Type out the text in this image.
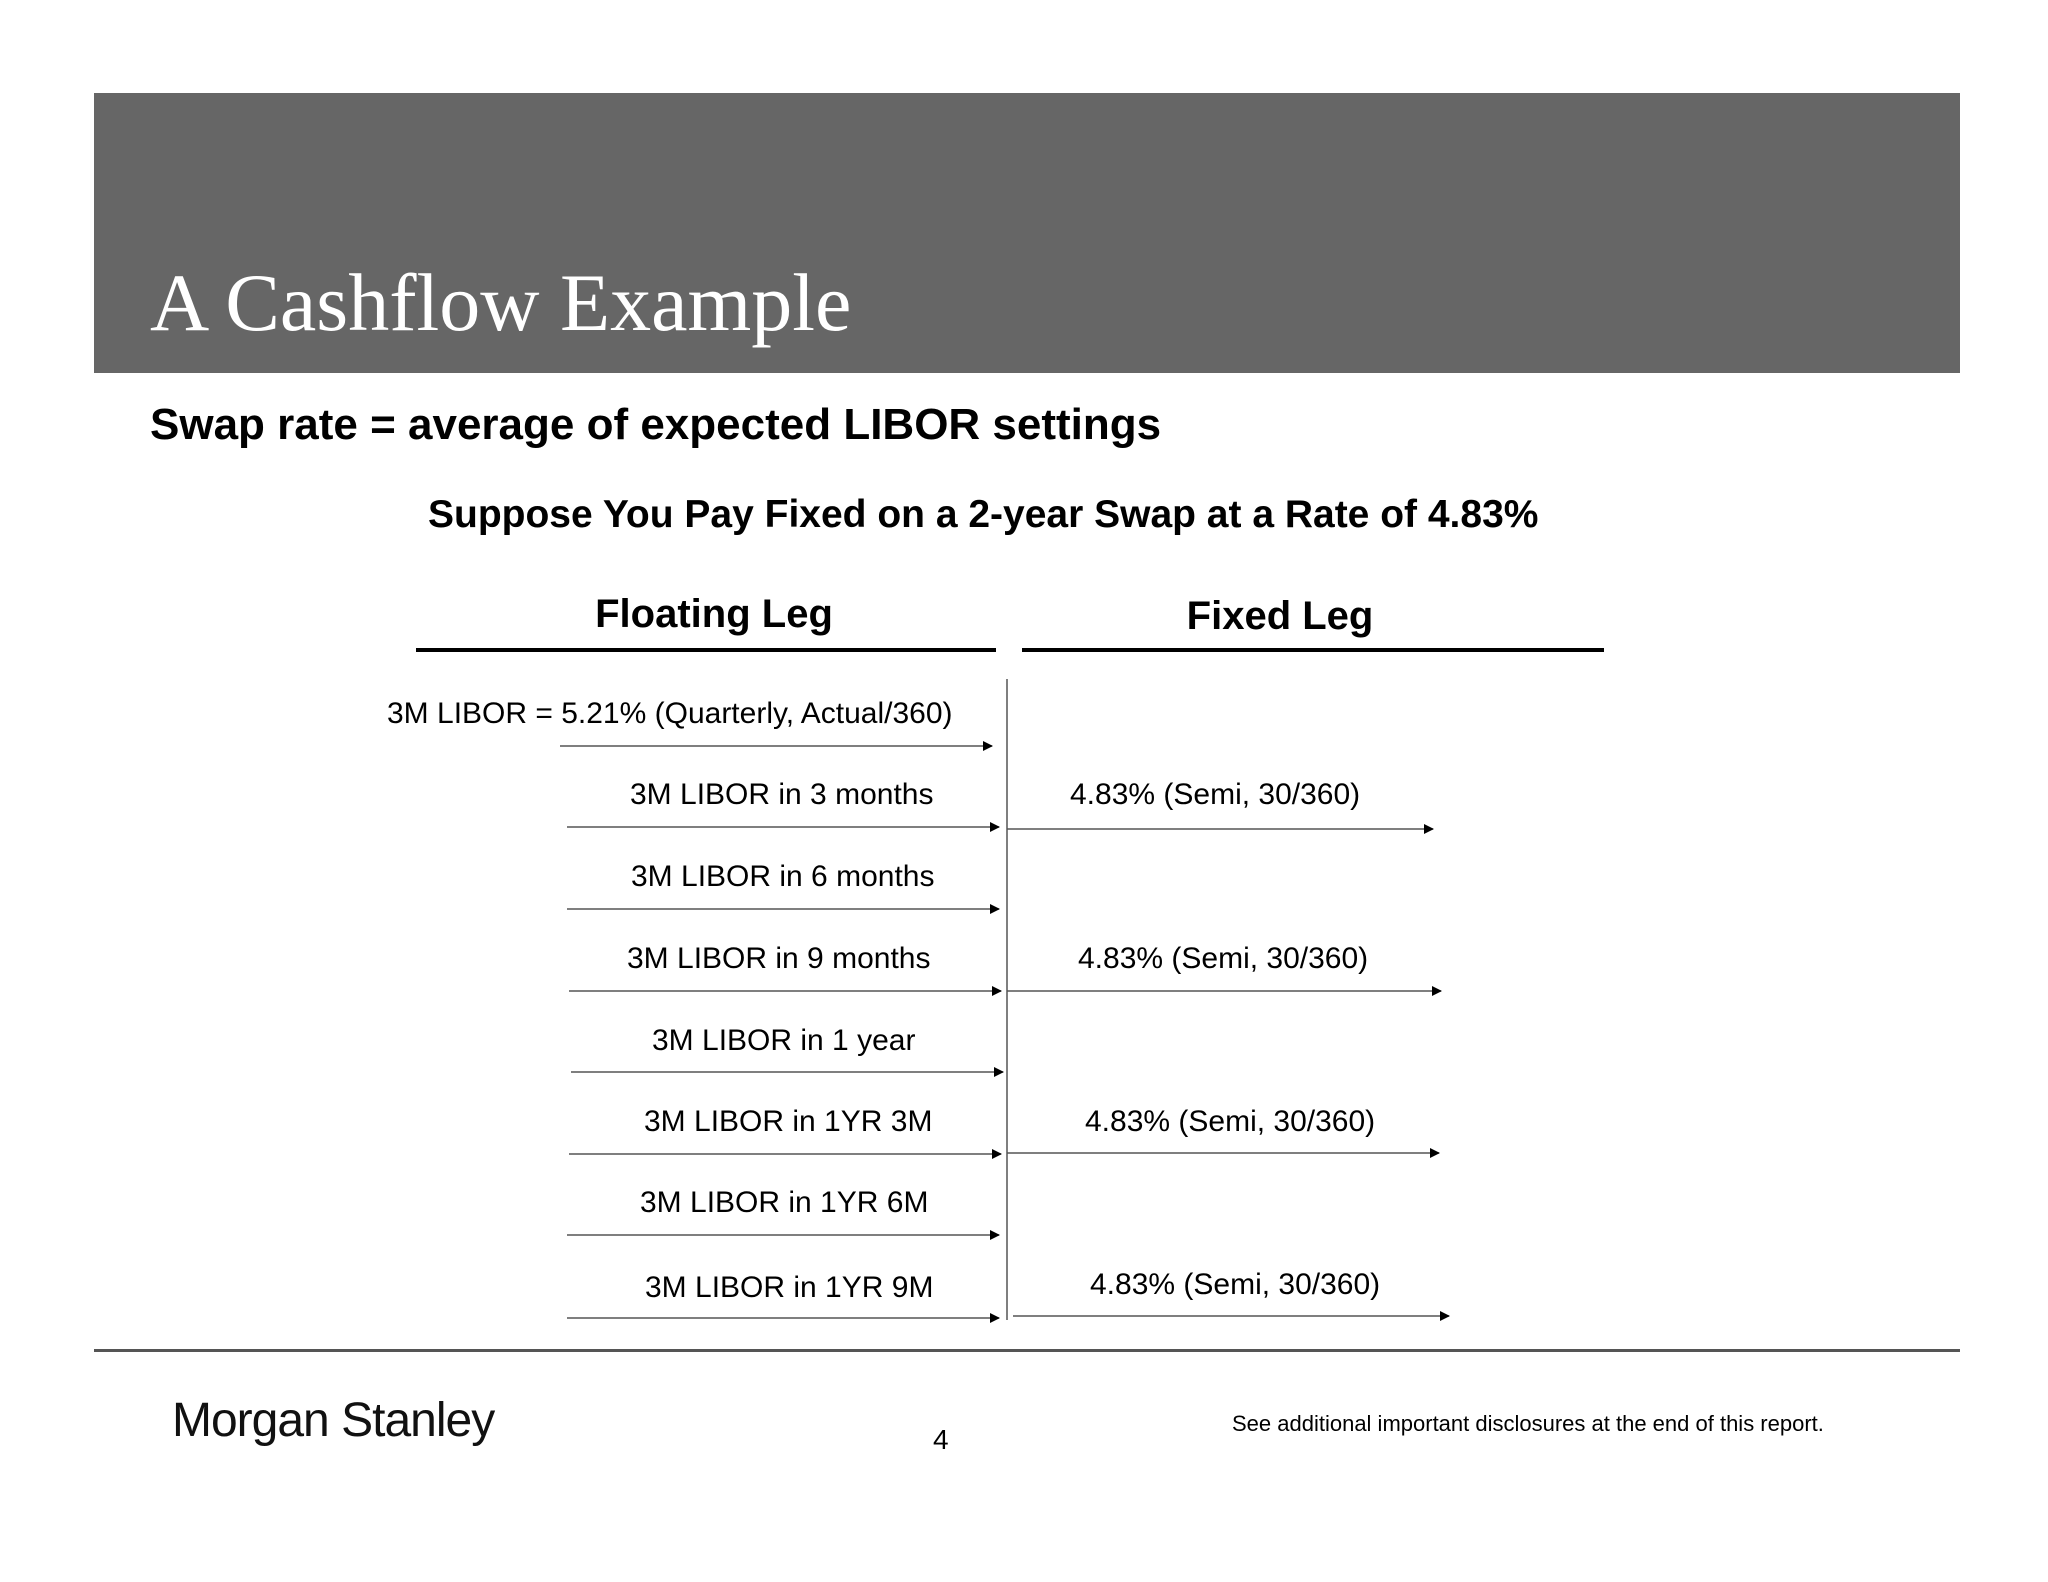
A Cashflow Example
Swap rate = average of expected LIBOR settings
Suppose You Pay Fixed on a 2-year Swap at a Rate of 4.83%
Floating Leg	Fixed Leg
3M LIBOR = 5.21% (Quarterly, Actual/360)
3M LIBOR in 3 months
3M LIBOR in 6 months
3M LIBOR in 9 months
3M LIBOR in 1 year
3M LIBOR in 1YR 3M
3M LIBOR in 1YR 6M
3M LIBOR in 1YR 9M
4.83% (Semi, 30/360)
4.83% (Semi, 30/360)
4.83% (Semi, 30/360)
4.83% (Semi, 30/360)
Morgan Stanley	4
See additional important disclosures at the end of this report.
